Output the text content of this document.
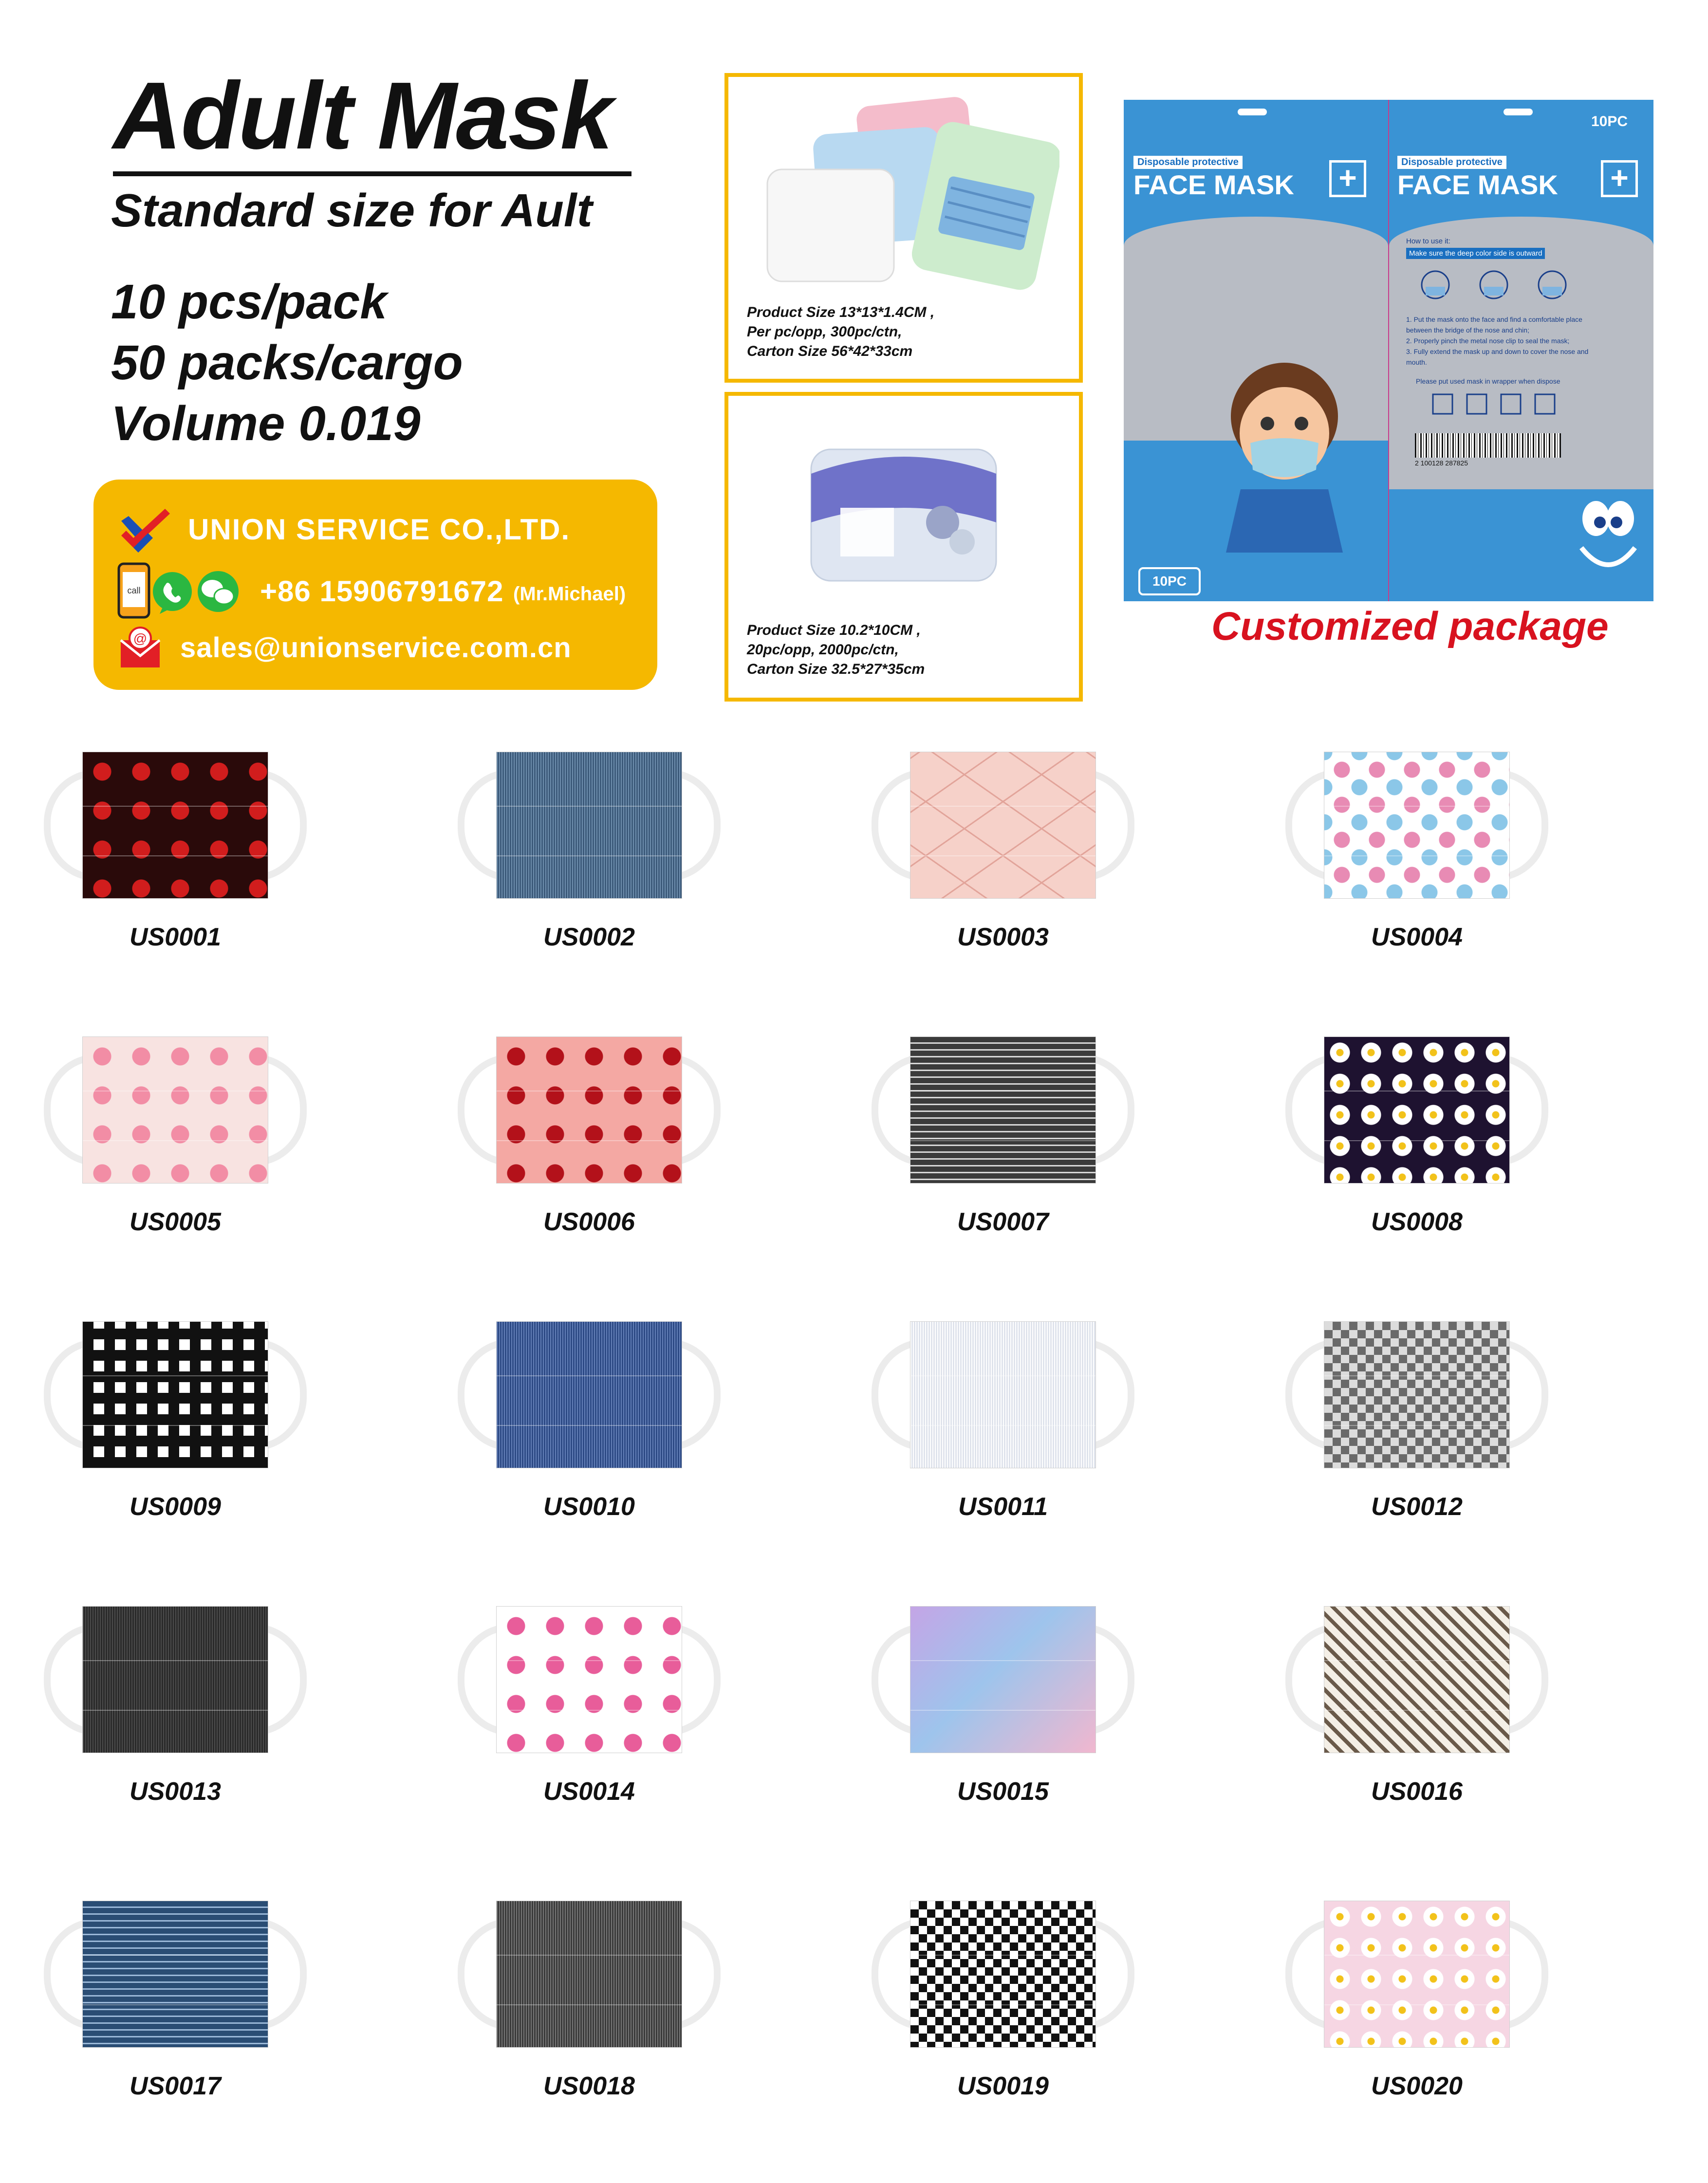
Adult Mask
Standard size for Ault
10 pcs/pack
50 packs/cargo
Volume 0.019
UNION SERVICE CO.,LTD.
call	+86 15906791672 (Mr.Michael)
@ sales@unionservice.com.cn
Product Size 13*13*1.4CM ,
Per pc/opp, 300pc/ctn,
Carton Size 56*42*33cm
Product Size 10.2*10CM ,
20pc/opp, 2000pc/ctn,
Carton Size 32.5*27*35cm
Disposable protective
FACE MASK	+
10PC
10PC
Disposable protective
FACE MASK	+
How to use it:
Make sure the deep color side is outward
1. Put the mask onto the face and find a comfortable place
between the bridge of the nose and chin;
2. Properly pinch the metal nose clip to seal the mask;
3. Fully extend the mask up and down to cover the nose and
mouth.
Please put used mask in wrapper when dispose
2 100128 287825
Customized package
US0001	US0002	US0003	US0004
US0005	US0006	US0007	US0008
US0009	US0010	US0011	US0012
US0013	US0014	US0015	US0016
US0017	US0018	US0019	US0020
